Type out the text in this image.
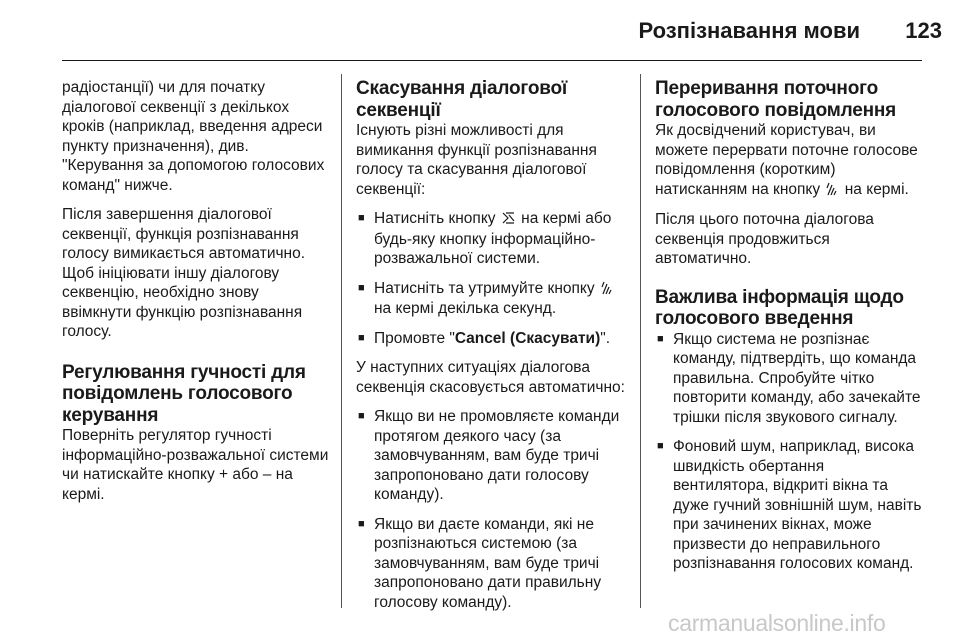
Розпізнавання мови	123

радіостанції) чи для початку діалогової секвенції з декількох кроків (наприклад, введення адреси пункту призначення), див. "Керування за допомогою голосових команд" нижче.

Після завершення діалогової секвенції, функція розпізнавання голосу вимикається автоматично. Щоб ініціювати іншу діалогову секвенцію, необхідно знову ввімкнути функцію розпізнавання голосу.

Регулювання гучності для повідомлень голосового керування

Поверніть регулятор гучності інформаційно-розважальної системи чи натискайте кнопку + або – на кермі.

Скасування діалогової секвенції

Існують різні можливості для вимикання функції розпізнавання голосу та скасування діалогової секвенції:

■ Натисніть кнопку на кермі або будь-яку кнопку інформаційно-розважальної системи.
■ Натисніть та утримуйте кнопку  на кермі декілька секунд.
■ Промовте "Cancel (Скасувати)".

У наступних ситуаціях діалогова секвенція скасовується автоматично:

■ Якщо ви не промовляєте команди протягом деякого часу (за замовчуванням, вам буде тричі запропоновано дати голосову команду).
■ Якщо ви даєте команди, які не розпізнаються системою (за замовчуванням, вам буде тричі запропоновано дати правильну голосову команду).
Переривання поточного голосового повідомлення

Як досвідчений користувач, ви можете перервати поточне голосове повідомлення (коротким) натисканням на кнопку на кермі.

Після цього поточна діалогова секвенція продовжиться автоматично.

Важлива інформація щодо голосового введення
■ Якщо система не розпізнає команду, підтвердіть, що команда правильна. Спробуйте чітко повторити команду, або зачекайте трішки після звукового сигналу.
■ Фоновий шум, наприклад, висока швидкість обертання вентилятора, відкриті вікна та дуже гучний зовнішній шум, навіть при зачинених вікнах, може призвести до неправильного розпізнавання голосових команд.
carmanualsonline.info
